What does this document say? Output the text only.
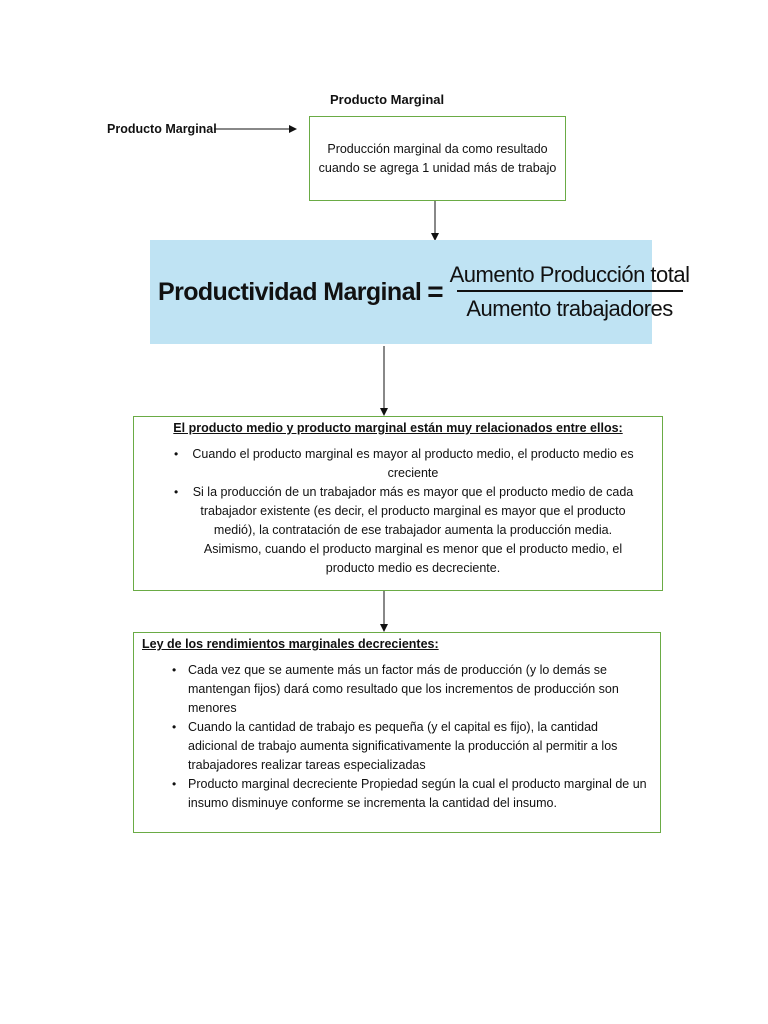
Producto Marginal
Producto Marginal
Producción marginal da como resultado cuando se agrega 1 unidad más de trabajo
Productividad Marginal = $\frac{\text{Aumento Producción total}}{\text{Aumento trabajadores}}$
El producto medio y producto marginal están muy relacionados entre ellos:
• Cuando el producto marginal es mayor al producto medio, el producto medio es creciente
• Si la producción de un trabajador más es mayor que el producto medio de cada trabajador existente (es decir, el producto marginal es mayor que el producto medió), la contratación de ese trabajador aumenta la producción media. Asimismo, cuando el producto marginal es menor que el producto medio, el producto medio es decreciente.
Ley de los rendimientos marginales decrecientes:
• Cada vez que se aumente más un factor más de producción (y lo demás se mantengan fijos) dará como resultado que los incrementos de producción son menores
• Cuando la cantidad de trabajo es pequeña (y el capital es fijo), la cantidad adicional de trabajo aumenta significativamente la producción al permitir a los trabajadores realizar tareas especializadas
• Producto marginal decreciente Propiedad según la cual el producto marginal de un insumo disminuye conforme se incrementa la cantidad del insumo.
